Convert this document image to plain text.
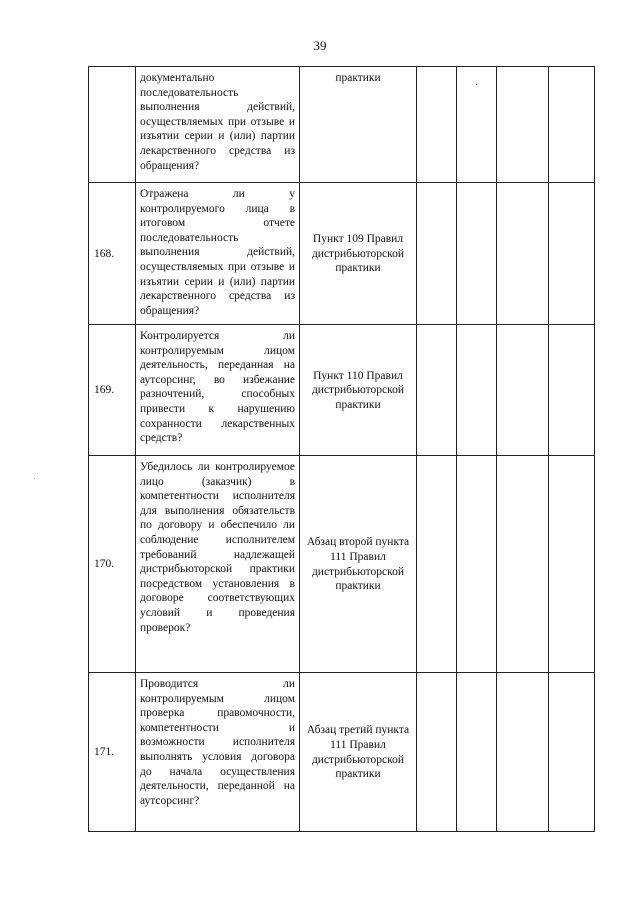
39

	документально последовательность выполнения действий, осуществляемых при отзыве и изъятии серии и (или) партии лекарственного средства из обращения?	практики		.		

168.	Отражена ли у контролируемого лица в итоговом отчете последовательность выполнения действий, осуществляемых при отзыве и изъятии серии и (или) партии лекарственного средства из обращения?	Пункт 109 Правил дистрибьюторской практики				
169.	Контролируется ли контролируемым лицом деятельность, переданная на аутсорсинг, во избежание разночтений, способных привести к нарушению сохранности лекарственных средств?	Пункт 110 Правил дистрибьюторской практики				
170.	Убедилось ли контролируемое лицо (заказчик) в компетентности исполнителя для выполнения обязательств по договору и обеспечило ли соблюдение исполнителем требований надлежащей дистрибьюторской практики посредством установления в договоре соответствующих условий и проведения проверок?	Абзац второй пункта 111 Правил дистрибьюторской практики				
171.	Проводится ли контролируемым лицом проверка правомочности, компетентности и возможности исполнителя выполнять условия договора до начала осуществления деятельности, переданной на аутсорсинг?	Абзац третий пункта 111 Правил дистрибьюторской практики				
